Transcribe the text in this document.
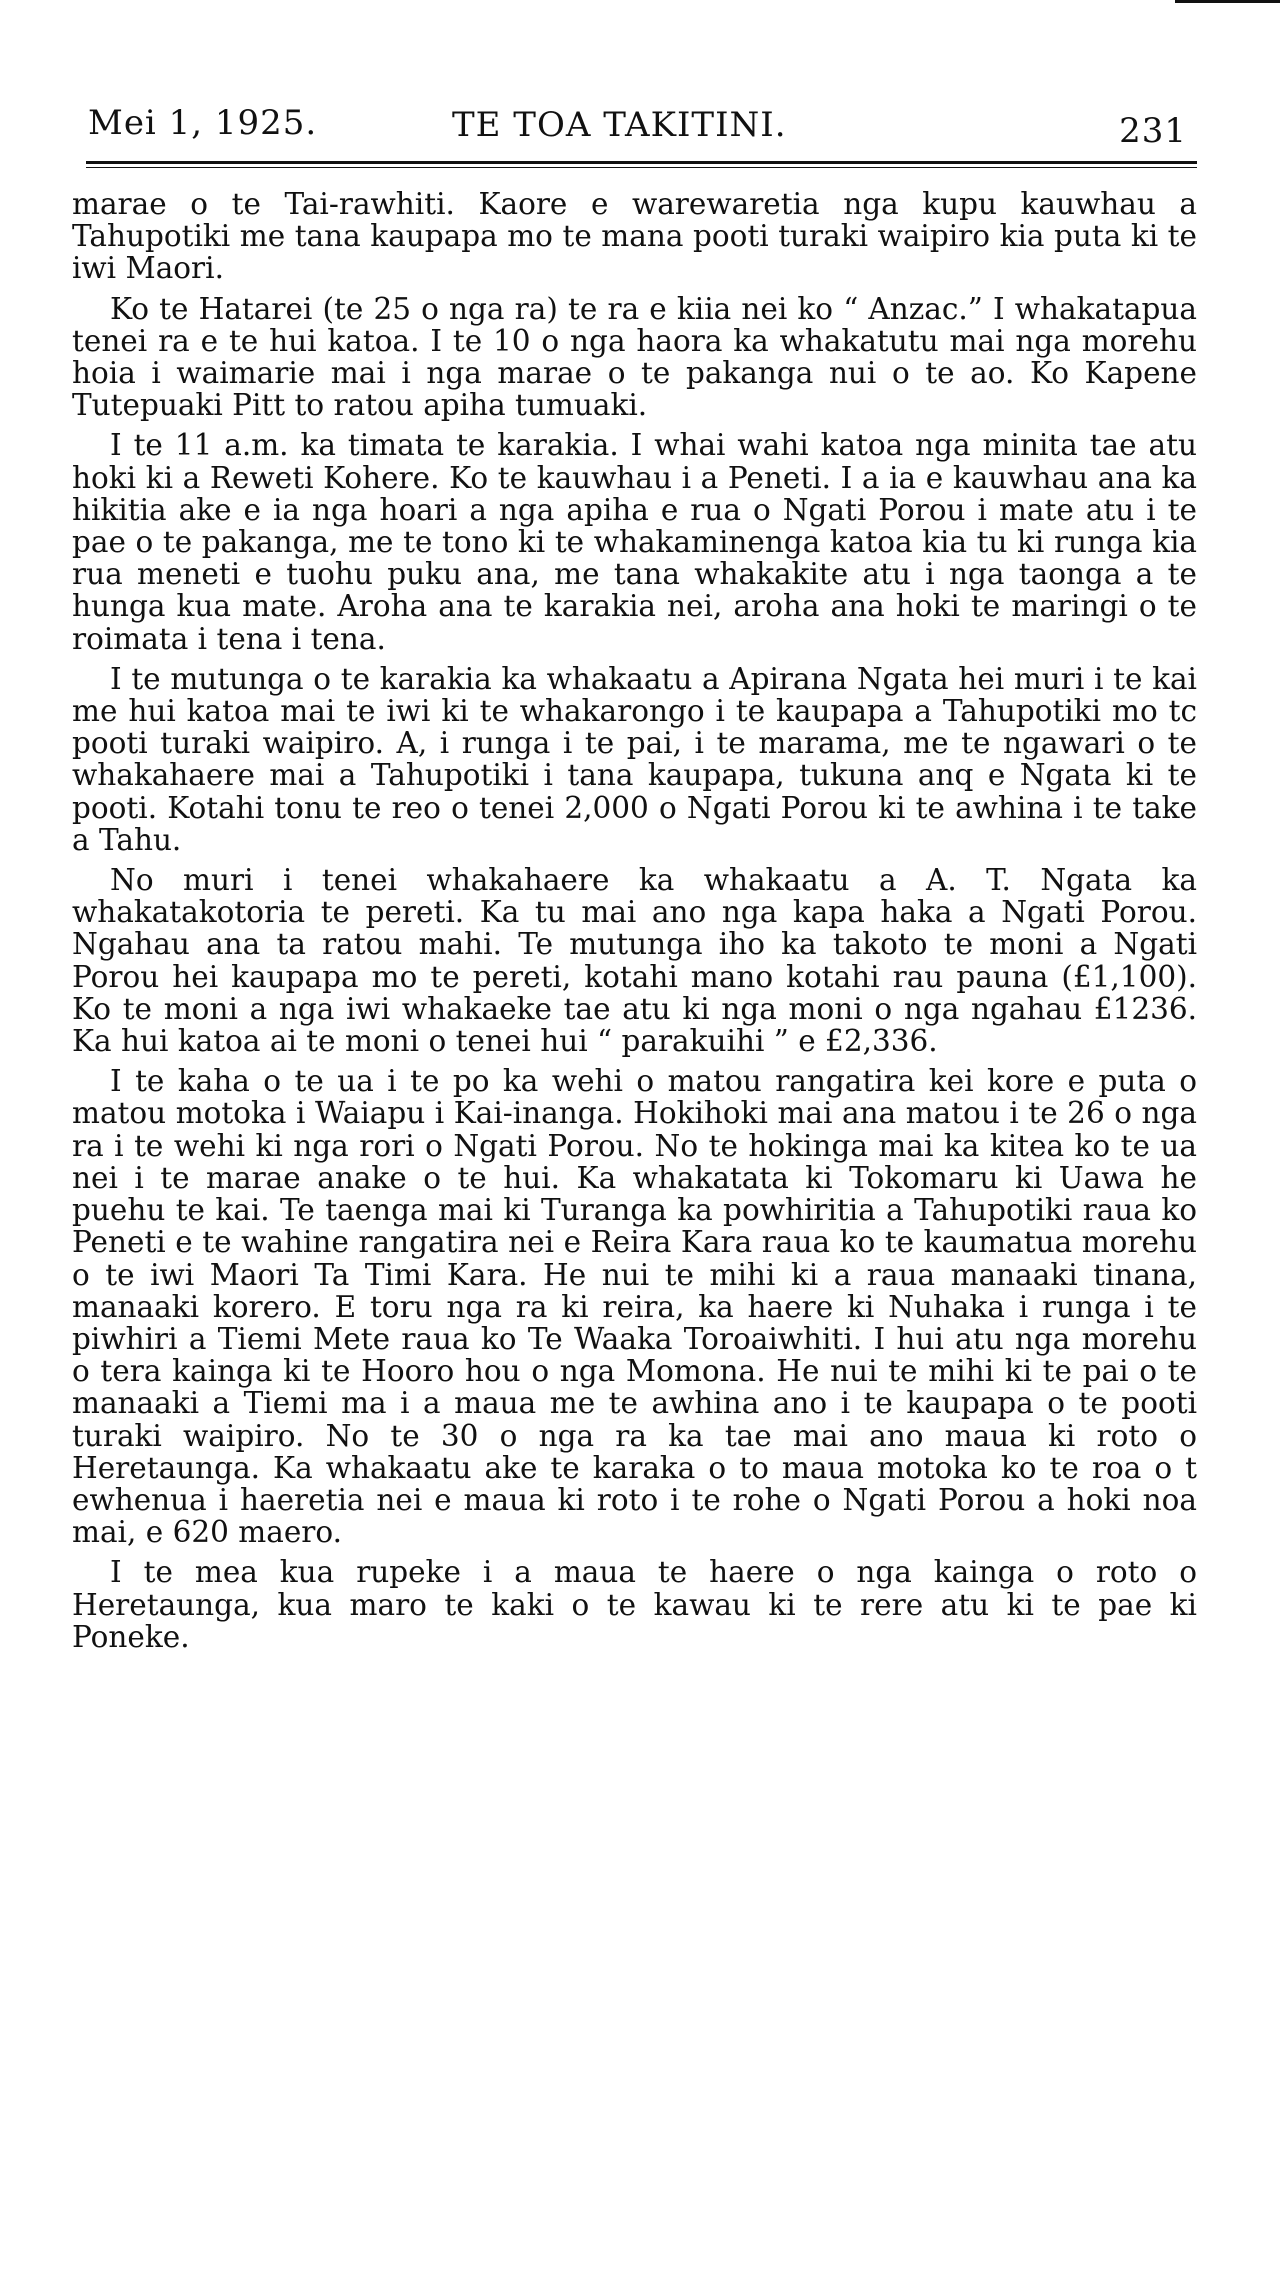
Mei 1, 1925.	TE TOA TAKITINI.	231

marae o te Tai-rawhiti. Kaore e warewaretia nga kupu kauwhau a Tahupotiki me tana kaupapa mo te mana pooti turaki waipiro kia puta ki te iwi Maori.

Ko te Hatarei (te 25 o nga ra) te ra e kiia nei ko “ Anzac.” I whakatapua tenei ra e te hui katoa. I te 10 o nga haora ka whakatutu mai nga morehu hoia i waimarie mai i nga marae o te pakanga nui o te ao. Ko Kapene Tutepuaki Pitt to ratou apiha tumuaki.

I te 11 a.m. ka timata te karakia. I whai wahi katoa nga minita tae atu hoki ki a Reweti Kohere. Ko te kauwhau i a Peneti. I a ia e kauwhau ana ka hikitia ake e ia nga hoari a nga apiha e rua o Ngati Porou i mate atu i te pae o te pakanga, me te tono ki te whakaminenga katoa kia tu ki runga kia rua meneti e tuohu puku ana, me tana whakakite atu i nga taonga a te hunga kua mate. Aroha ana te karakia nei, aroha ana hoki te maringi o te roimata i tena i tena.

I te mutunga o te karakia ka whakaatu a Apirana Ngata hei muri i te kai me hui katoa mai te iwi ki te whakarongo i te kaupapa a Tahupotiki mo tc pooti turaki waipiro. A, i runga i te pai, i te marama, me te ngawari o te whakahaere mai a Tahupotiki i tana kaupapa, tukuna anq e Ngata ki te pooti. Kotahi tonu te reo o tenei 2,000 o Ngati Porou ki te awhina i te take a Tahu.

No muri i tenei whakahaere ka whakaatu a A. T. Ngata ka whakatakotoria te pereti. Ka tu mai ano nga kapa haka a Ngati Porou. Ngahau ana ta ratou mahi. Te mutunga iho ka takoto te moni a Ngati Porou hei kaupapa mo te pereti, kotahi mano kotahi rau pauna (£1,100). Ko te moni a nga iwi whakaeke tae atu ki nga moni o nga ngahau £1236. Ka hui katoa ai te moni o tenei hui “ parakuihi ” e £2,336.

I te kaha o te ua i te po ka wehi o matou rangatira kei kore e puta o matou motoka i Waiapu i Kai-inanga. Hokihoki mai ana matou i te 26 o nga ra i te wehi ki nga rori o Ngati Porou. No te hokinga mai ka kitea ko te ua nei i te marae anake o te hui. Ka whakatata ki Tokomaru ki Uawa he puehu te kai. Te taenga mai ki Turanga ka powhiritia a Tahupotiki raua ko Peneti e te wahine rangatira nei e Reira Kara raua ko te kaumatua morehu o te iwi Maori Ta Timi Kara. He nui te mihi ki a raua manaaki tinana, manaaki korero. E toru nga ra ki reira, ka haere ki Nuhaka i runga i te piwhiri a Tiemi Mete raua ko Te Waaka Toroaiwhiti. I hui atu nga morehu o tera kainga ki te Hooro hou o nga Momona. He nui te mihi ki te pai o te manaaki a Tiemi ma i a maua me te awhina ano i te kaupapa o te pooti turaki waipiro. No te 30 o nga ra ka tae mai ano maua ki roto o Heretaunga. Ka whakaatu ake te karaka o to maua motoka ko te roa o t ewhenua i haeretia nei e maua ki roto i te rohe o Ngati Porou a hoki noa mai, e 620 maero.

I te mea kua rupeke i a maua te haere o nga kainga o roto o Heretaunga, kua maro te kaki o te kawau ki te rere atu ki te pae ki Poneke.
